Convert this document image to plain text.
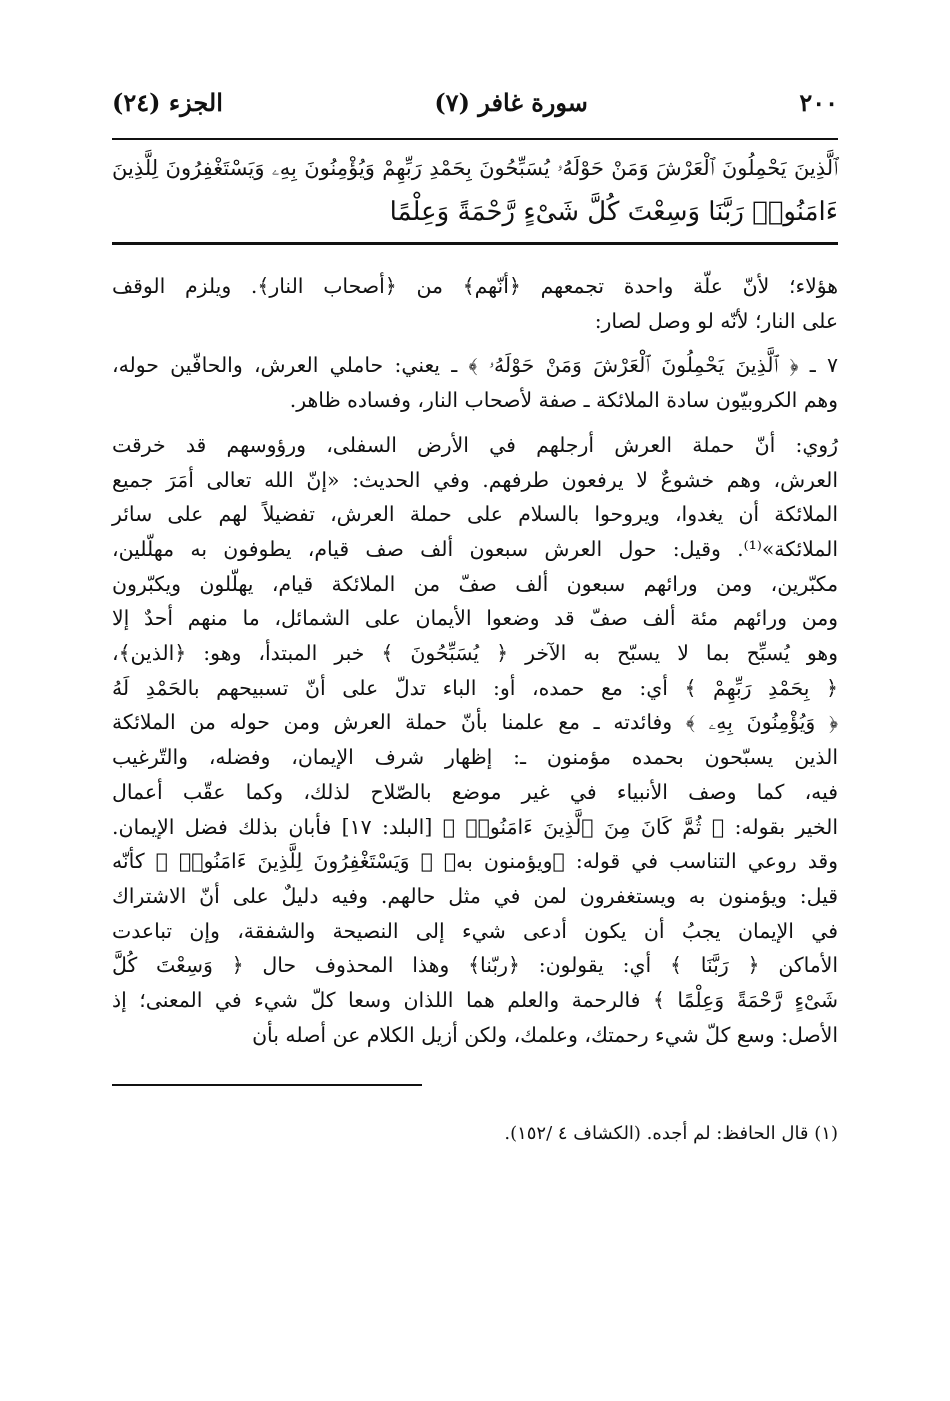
٢٠٠
سورة غافر (٧)
الجزء (٢٤)
ٱلَّذِينَ يَحْمِلُونَ ٱلْعَرْشَ وَمَنْ حَوْلَهُۥ يُسَبِّحُونَ بِحَمْدِ رَبِّهِمْ وَيُؤْمِنُونَ بِهِۦ وَيَسْتَغْفِرُونَ لِلَّذِينَ
ءَامَنُوا۟ رَبَّنَا وَسِعْتَ كُلَّ شَىْءٍ رَّحْمَةً وَعِلْمًا
هؤلاء؛ لأنّ علّة واحدة تجمعهم ﴿أنّهم﴾ من ﴿أصحاب النار﴾. ويلزم الوقف
على النار؛ لأنّه لو وصل لصار:
٧ ـ ﴿ ٱلَّذِينَ يَحْمِلُونَ ٱلْعَرْشَ وَمَنْ حَوْلَهُۥ ﴾ ـ يعني: حاملي العرش، والحافّين حوله،
وهم الكروبيّون سادة الملائكة ـ صفة لأصحاب النار، وفساده ظاهر.
رُوي: أنّ حملة العرش أرجلهم في الأرض السفلى، ورؤوسهم قد خرقت
العرش، وهم خشوعٌ لا يرفعون طرفهم. وفي الحديث: «إنّ الله تعالى أمَرَ جميع
الملائكة أن يغدوا، ويروحوا بالسلام على حملة العرش، تفضيلاً لهم على سائر
الملائكة»⁽¹⁾. وقيل: حول العرش سبعون ألف صف قيام، يطوفون به مهلّلين،
مكبّرين، ومن ورائهم سبعون ألف صفّ من الملائكة قيام، يهلّلون ويكبّرون
ومن ورائهم مئة ألف صفّ قد وضعوا الأيمان على الشمائل، ما منهم أحدٌ إلا
وهو يُسبِّح بما لا يسبّح به الآخر ﴿ يُسَبِّحُونَ ﴾ خبر المبتدأ، وهو: ﴿الذين﴾،
﴿ بِحَمْدِ رَبِّهِمْ ﴾ أي: مع حمده، أو: الباء تدلّ على أنّ تسبيحهم بالحَمْدِ لَهُ
﴿ وَيُؤْمِنُونَ بِهِۦ ﴾ وفائدته ـ مع علمنا بأنّ حملة العرش ومن حوله من الملائكة
الذين يسبّحون بحمده مؤمنون ـ: إظهار شرف الإيمان، وفضله، والتّرغيب
فيه، كما وصف الأنبياء في غير موضع بالصّلاح لذلك، وكما عقّب أعمال
الخير بقوله: ﴿ ثُمَّ كَانَ مِنَ ٱلَّذِينَ ءَامَنُوا۟ ﴾ [البلد: ١٧] فأبان بذلك فضل الإيمان.
وقد روعي التناسب في قوله: ﴿ويؤمنون به﴾ ﴿ وَيَسْتَغْفِرُونَ لِلَّذِينَ ءَامَنُوا۟ ﴾ كأنّه
قيل: ويؤمنون به ويستغفرون لمن في مثل حالهم. وفيه دليلٌ على أنّ الاشتراك
في الإيمان يجبُ أن يكون أدعى شيء إلى النصيحة والشفقة، وإن تباعدت
الأماكن ﴿ رَبَّنَا ﴾ أي: يقولون: ﴿ربّنا﴾ وهذا المحذوف حال ﴿ وَسِعْتَ كُلَّ
شَىْءٍ رَّحْمَةً وَعِلْمًا ﴾ فالرحمة والعلم هما اللذان وسعا كلّ شيء في المعنى؛ إذ
الأصل: وسع كلّ شيء رحمتك، وعلمك، ولكن أزيل الكلام عن أصله بأن
(١) قال الحافظ: لم أجده. (الكشاف ٤ /١٥٢).
